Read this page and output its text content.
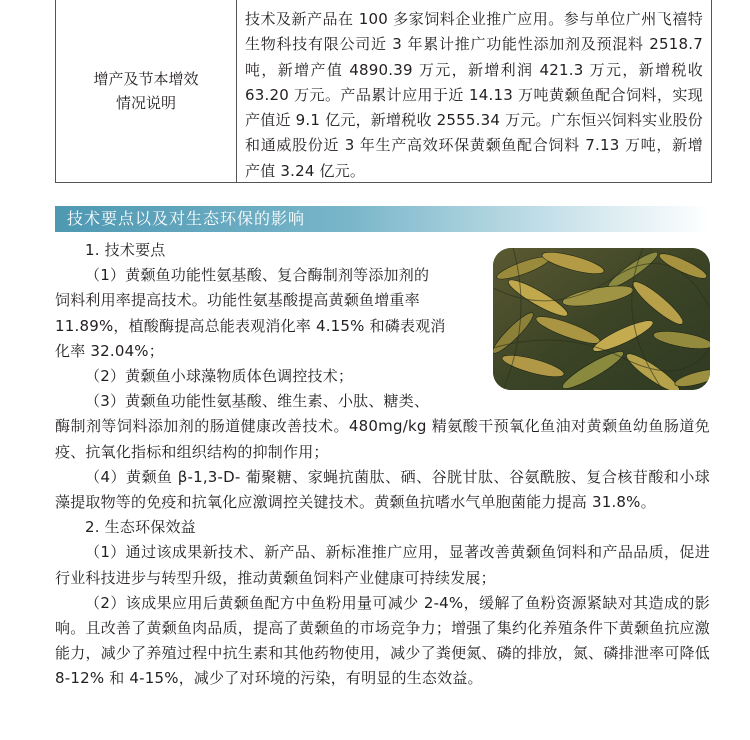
增产及节本增效
情况说明
技术及新产品在 100 多家饲料企业推广应用。参与单位广州飞禧特生物科技有限公司近 3 年累计推广功能性添加剂及预混料 2518.7 吨，新增产值 4890.39 万元，新增利润 421.3 万元，新增税收 63.20 万元。产品累计应用于近 14.13 万吨黄颡鱼配合饲料，实现产值近 9.1 亿元，新增税收 2555.34 万元。广东恒兴饲料实业股份和通威股份近 3 年生产高效环保黄颡鱼配合饲料 7.13 万吨，新增产值 3.24 亿元。
技术要点以及对生态环保的影响

1. 技术要点

（1）黄颡鱼功能性氨基酸、复合酶制剂等添加剂的

饲料利用率提高技术。功能性氨基酸提高黄颡鱼增重率

11.89%，植酸酶提高总能表观消化率 4.15% 和磷表观消

化率 32.04%；

（2）黄颡鱼小球藻物质体色调控技术；

（3）黄颡鱼功能性氨基酸、维生素、小肽、糖类、

酶制剂等饲料添加剂的肠道健康改善技术。480mg/kg 精氨酸干预氧化鱼油对黄颡鱼幼鱼肠道免疫、抗氧化指标和组织结构的抑制作用；

（4）黄颡鱼 β-1,3-D- 葡聚糖、家蝇抗菌肽、硒、谷胱甘肽、谷氨酰胺、复合核苷酸和小球藻提取物等的免疫和抗氧化应激调控关键技术。黄颡鱼抗嗜水气单胞菌能力提高 31.8%。

2. 生态环保效益

（1）通过该成果新技术、新产品、新标准推广应用，显著改善黄颡鱼饲料和产品品质，促进行业科技进步与转型升级，推动黄颡鱼饲料产业健康可持续发展；

（2）该成果应用后黄颡鱼配方中鱼粉用量可减少 2-4%，缓解了鱼粉资源紧缺对其造成的影响。且改善了黄颡鱼肉品质，提高了黄颡鱼的市场竞争力；增强了集约化养殖条件下黄颡鱼抗应激能力，减少了养殖过程中抗生素和其他药物使用，减少了粪便氮、磷的排放，氮、磷排泄率可降低 8-12% 和 4-15%，减少了对环境的污染，有明显的生态效益。
